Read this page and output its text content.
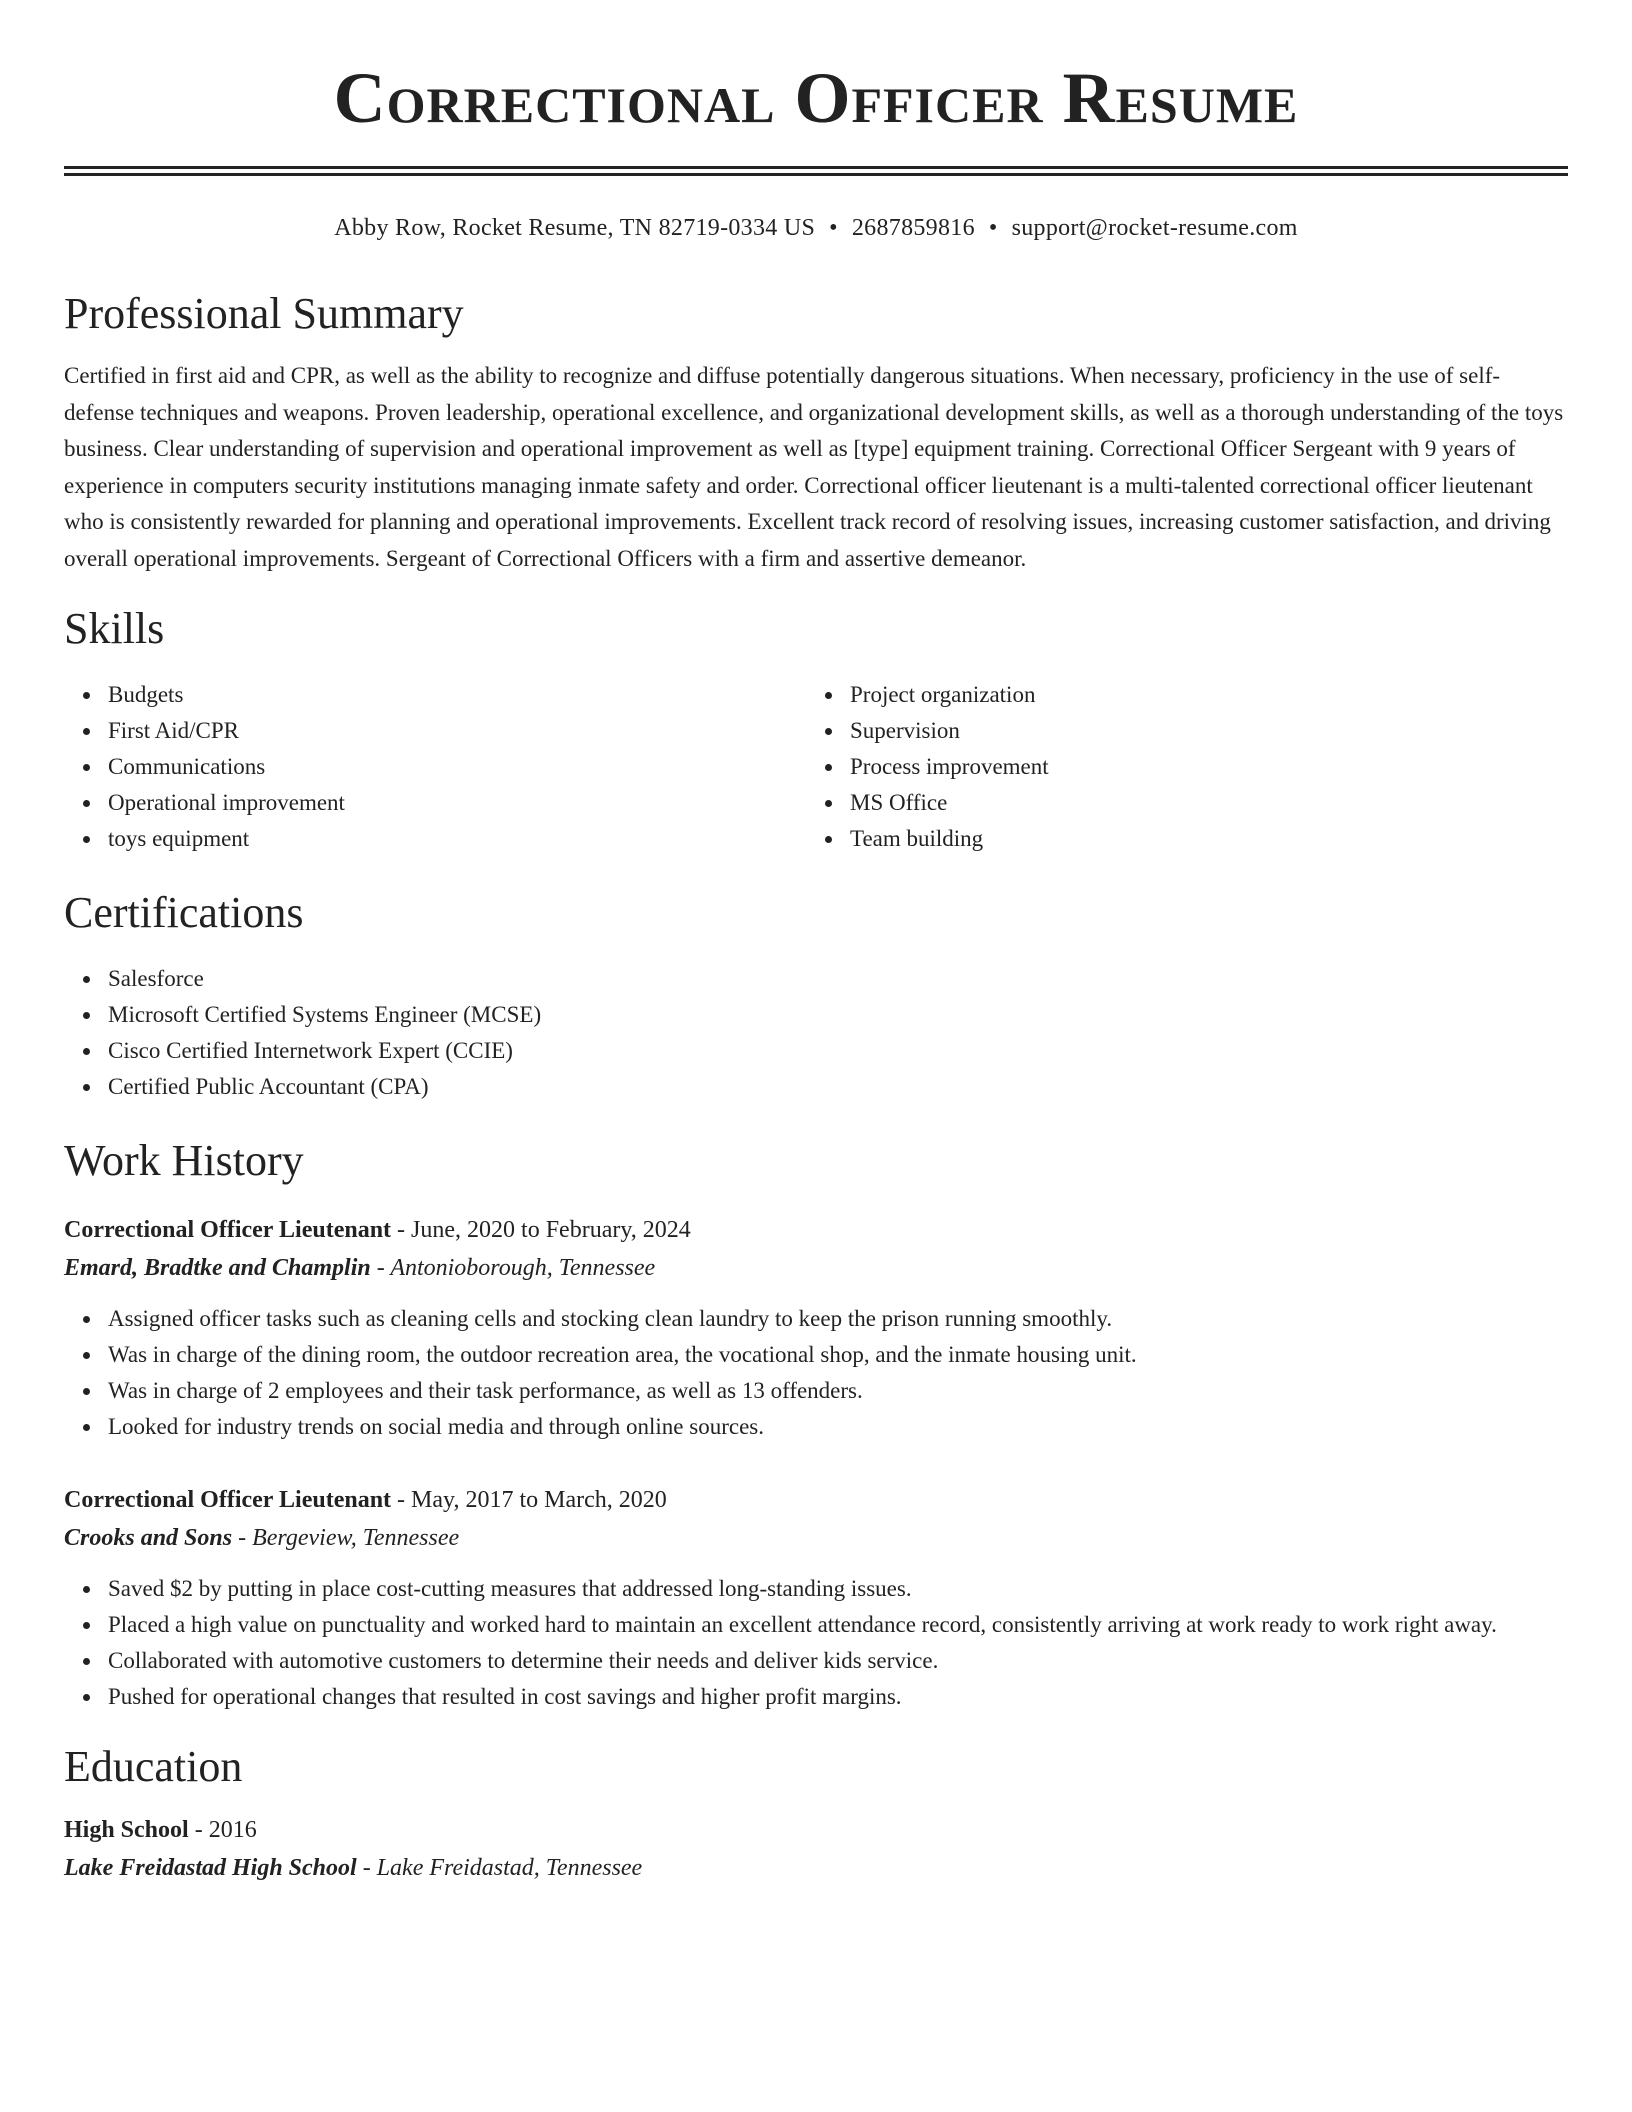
Correctional Officer Resume
Abby Row, Rocket Resume, TN 82719-0334 US • 2687859816 • support@rocket-resume.com
Professional Summary

Certified in first aid and CPR, as well as the ability to recognize and diffuse potentially dangerous situations. When necessary, proficiency in the use of self-defense techniques and weapons. Proven leadership, operational excellence, and organizational development skills, as well as a thorough understanding of the toys business. Clear understanding of supervision and operational improvement as well as [type] equipment training. Correctional Officer Sergeant with 9 years of experience in computers security institutions managing inmate safety and order. Correctional officer lieutenant is a multi-talented correctional officer lieutenant who is consistently rewarded for planning and operational improvements. Excellent track record of resolving issues, increasing customer satisfaction, and driving overall operational improvements. Sergeant of Correctional Officers with a firm and assertive demeanor.

Skills
Budgets
First Aid/CPR
Communications
Operational improvement
toys equipment
Project organization
Supervision
Process improvement
MS Office
Team building
Certifications
Salesforce
Microsoft Certified Systems Engineer (MCSE)
Cisco Certified Internetwork Expert (CCIE)
Certified Public Accountant (CPA)
Work History
Correctional Officer Lieutenant - June, 2020 to February, 2024
Emard, Bradtke and Champlin - Antonioborough, Tennessee
Assigned officer tasks such as cleaning cells and stocking clean laundry to keep the prison running smoothly.
Was in charge of the dining room, the outdoor recreation area, the vocational shop, and the inmate housing unit.
Was in charge of 2 employees and their task performance, as well as 13 offenders.
Looked for industry trends on social media and through online sources.
Correctional Officer Lieutenant - May, 2017 to March, 2020
Crooks and Sons - Bergeview, Tennessee
Saved $2 by putting in place cost-cutting measures that addressed long-standing issues.
Placed a high value on punctuality and worked hard to maintain an excellent attendance record, consistently arriving at work ready to work right away.
Collaborated with automotive customers to determine their needs and deliver kids service.
Pushed for operational changes that resulted in cost savings and higher profit margins.
Education
High School - 2016
Lake Freidastad High School - Lake Freidastad, Tennessee
